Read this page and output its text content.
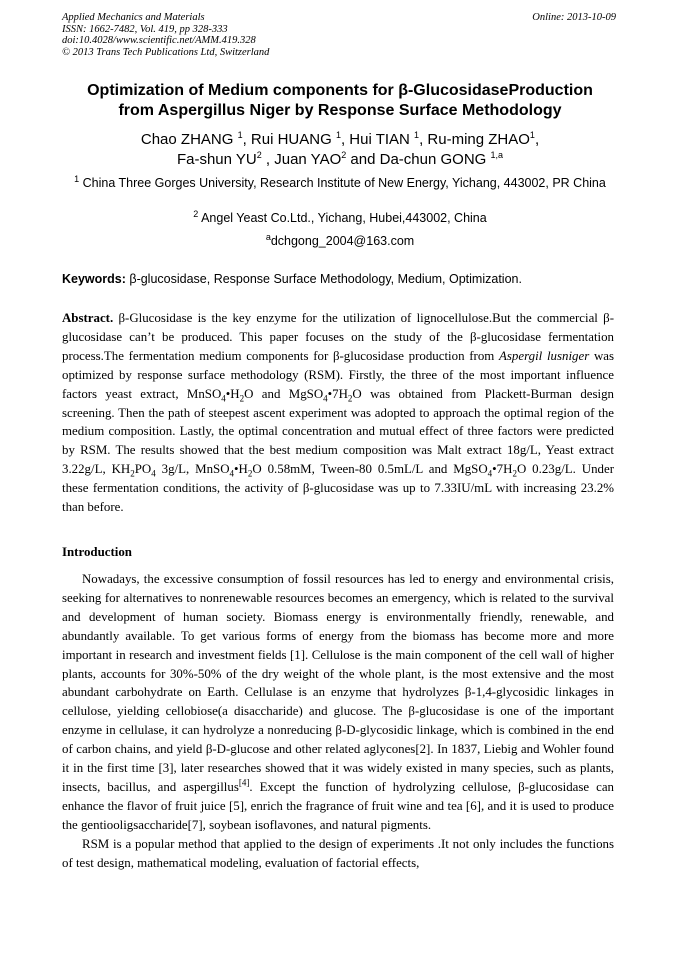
Applied Mechanics and Materials
ISSN: 1662-7482, Vol. 419, pp 328-333
doi:10.4028/www.scientific.net/AMM.419.328
© 2013 Trans Tech Publications Ltd, Switzerland
Online: 2013-10-09
Optimization of Medium components for β-GlucosidaseProduction
from Aspergillus Niger by Response Surface Methodology
Chao ZHANG $^1$, Rui HUANG $^1$, Hui TIAN $^1$, Ru-ming ZHAO$^1$,
Fa-shun $YU^2$ , Juan YAO$^2$ and Da-chun GONG $^{1,a}$
$^1$ China Three Gorges University, Research Institute of New Energy, Yichang, 443002, PR China
$^2$ Angel Yeast Co.Ltd., Yichang, Hubei,443002, China
$^a$dchgong_2004@163.com
Keywords: β-glucosidase, Response Surface Methodology, Medium, Optimization.
Abstract. β-Glucosidase is the key enzyme for the utilization of lignocellulose.But the commercial β-glucosidase can’t be produced. This paper focuses on the study of the β-glucosidase fermentation process.The fermentation medium components for β-glucosidase production from Aspergil lusniger was optimized by response surface methodology (RSM). Firstly, the three of the most important influence factors yeast extract, $MnSO_4•H_2O$ and $MgSO_4•7H_2O$ was obtained from Plackett-Burman design screening. Then the path of steepest ascent experiment was adopted to approach the optimal region of the medium composition. Lastly, the optimal concentration and mutual effect of three factors were predicted by RSM. The results showed that the best medium composition was Malt extract 18g/L, Yeast extract 3.22g/L, $KH_2PO_4$ 3g/L, $MnSO_4•H_2O$ 0.58mM, Tween-80 0.5mL/L and $MgSO_4•7H_2O$ 0.23g/L. Under these fermentation conditions, the activity of β-glucosidase was up to 7.33IU/mL with increasing 23.2% than before.
Introduction

Nowadays, the excessive consumption of fossil resources has led to energy and environmental crisis, seeking for alternatives to nonrenewable resources becomes an emergency, which is related to the survival and development of human society. Biomass energy is environmentally friendly, renewable, and abundantly available. To get various forms of energy from the biomass has become more and more important in research and investment fields [1]. Cellulose is the main component of the cell wall of higher plants, accounts for 30%-50% of the dry weight of the whole plant, is the most extensive and the most abundant carbohydrate on Earth. Cellulase is an enzyme that hydrolyzes β-1,4-glycosidic linkages in cellulose, yielding cellobiose(a disaccharide) and glucose. The β-glucosidase is one of the important enzyme in cellulase, it can hydrolyze a nonreducing β-D-glycosidic linkage, which is combined in the end of carbon chains, and yield β-D-glucose and other related aglycones[2]. In 1837, Liebig and Wohler found it in the first time [3], later researches showed that it was widely existed in many species, such as plants, insects, bacillus, and aspergillus[4]. Except the function of hydrolyzing cellulose, β-glucosidase can enhance the flavor of fruit juice [5], enrich the fragrance of fruit wine and tea [6], and it is used to produce the gentiooligsaccharide[7], soybean isoflavones, and natural pigments.

RSM is a popular method that applied to the design of experiments .It not only includes the functions of test design, mathematical modeling, evaluation of factorial effects,
